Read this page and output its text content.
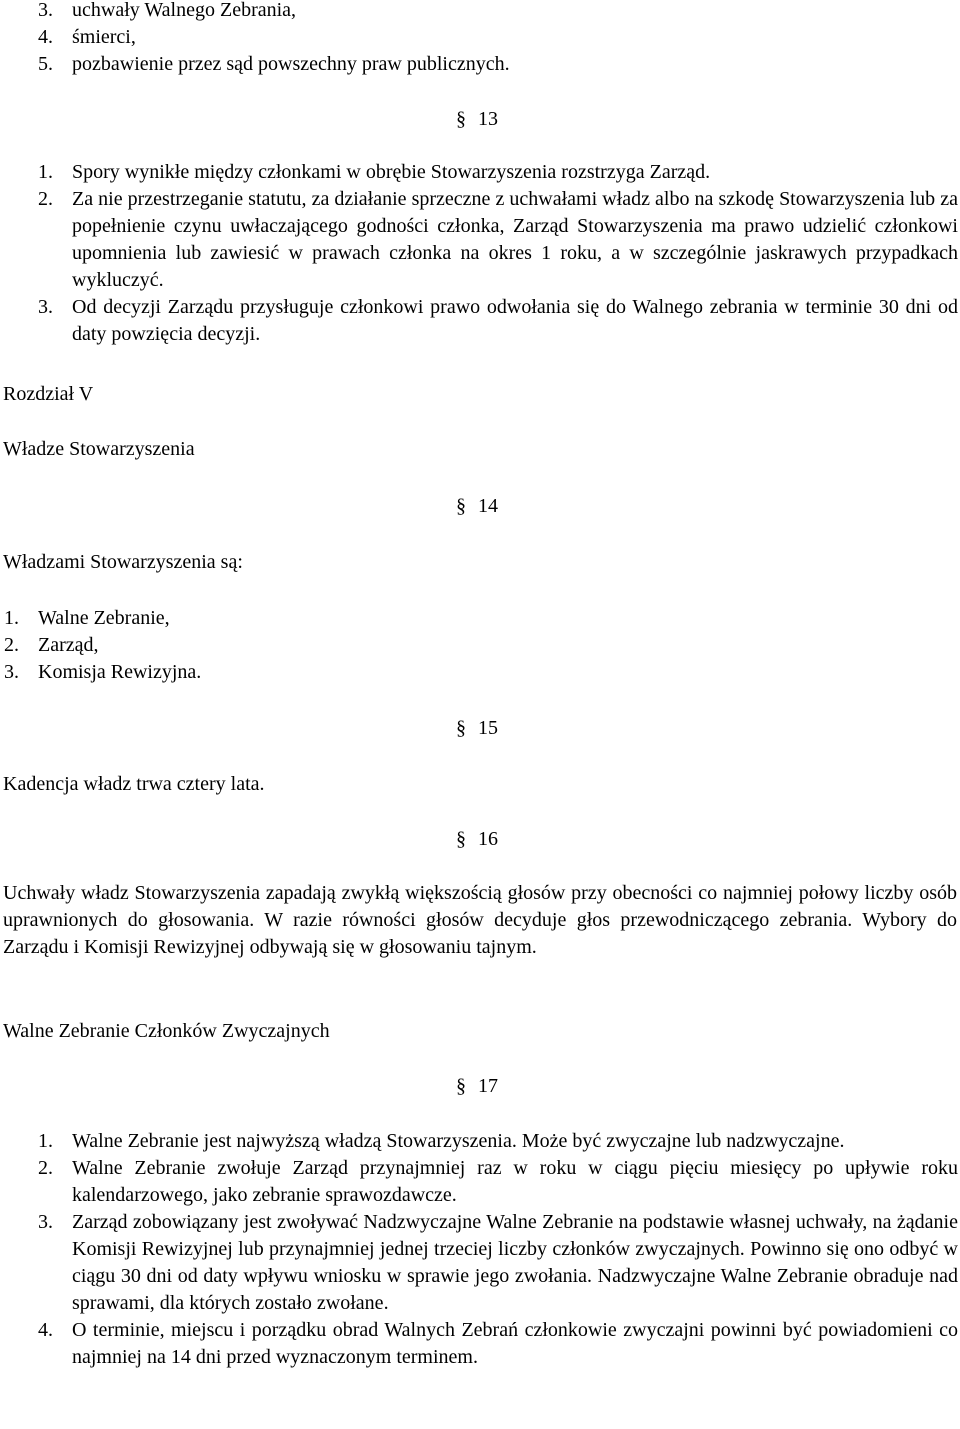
3. uchwały Walnego Zebrania,
4. śmierci,
5. pozbawienie przez sąd powszechny praw publicznych.
§ 13
1. Spory wynikłe między członkami w obrębie Stowarzyszenia rozstrzyga Zarząd.
2. Za nie przestrzeganie statutu, za działanie sprzeczne z uchwałami władz albo na szkodę Stowarzyszenia lub za popełnienie czynu uwłaczającego godności członka, Zarząd Stowarzyszenia ma prawo udzielić członkowi upomnienia lub zawiesić w prawach członka na okres 1 roku, a w szczególnie jaskrawych przypadkach wykluczyć.
3. Od decyzji Zarządu przysługuje członkowi prawo odwołania się do Walnego zebrania w terminie 30 dni od daty powzięcia decyzji.

Rozdział V

Władze Stowarzyszenia

§ 14

Władzami Stowarzyszenia są:

1. Walne Zebranie,
2. Zarząd,
3. Komisja Rewizyjna.
§ 15

Kadencja władz trwa cztery lata.

§ 16

Uchwały władz Stowarzyszenia zapadają zwykłą większością głosów przy obecności co najmniej połowy liczby osób uprawnionych do głosowania. W razie równości głosów decyduje głos przewodniczącego zebrania. Wybory do Zarządu i Komisji Rewizyjnej odbywają się w głosowaniu tajnym.

Walne Zebranie Członków Zwyczajnych

§ 17
1. Walne Zebranie jest najwyższą władzą Stowarzyszenia. Może być zwyczajne lub nadzwyczajne.
2. Walne Zebranie zwołuje Zarząd przynajmniej raz w roku w ciągu pięciu miesięcy po upływie roku kalendarzowego, jako zebranie sprawozdawcze.
3. Zarząd zobowiązany jest zwoływać Nadzwyczajne Walne Zebranie na podstawie własnej uchwały, na żądanie Komisji Rewizyjnej lub przynajmniej jednej trzeciej liczby członków zwyczajnych. Powinno się ono odbyć w ciągu 30 dni od daty wpływu wniosku w sprawie jego zwołania. Nadzwyczajne Walne Zebranie obraduje nad sprawami, dla których zostało zwołane.
4. O terminie, miejscu i porządku obrad Walnych Zebrań członkowie zwyczajni powinni być powiadomieni co najmniej na 14 dni przed wyznaczonym terminem.
